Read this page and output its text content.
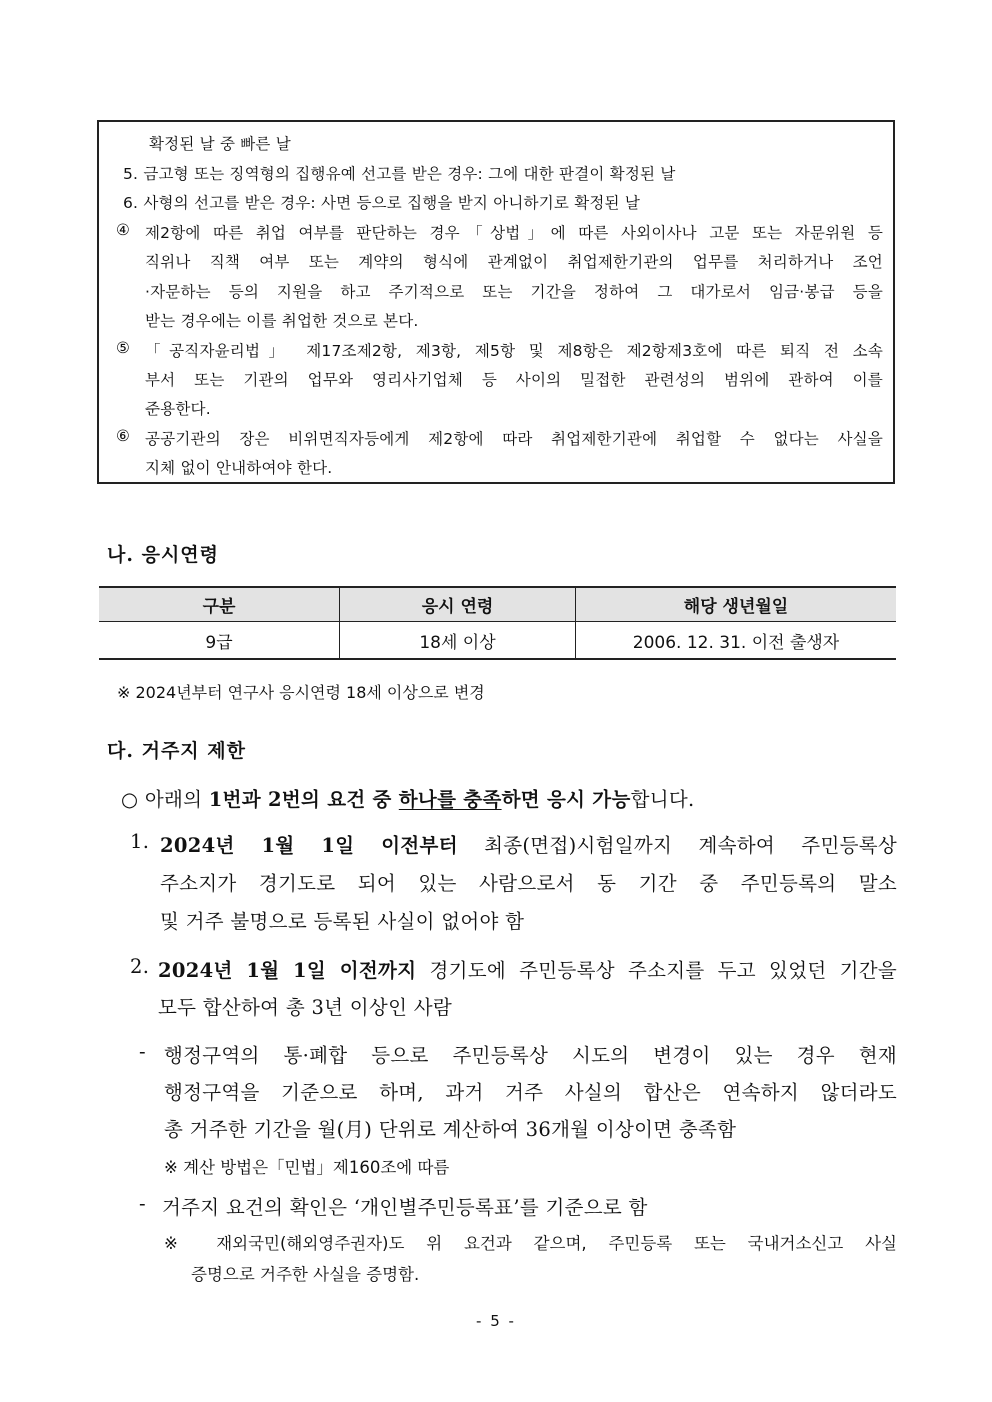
확정된 날 중 빠른 날
5. 금고형 또는 징역형의 집행유예 선고를 받은 경우: 그에 대한 판결이 확정된 날
6. 사형의 선고를 받은 경우: 사면 등으로 집행을 받지 아니하기로 확정된 날
④ 제2항에 따른 취업 여부를 판단하는 경우「상법」에 따른 사외이사나 고문 또는 자문위원 등
직위나 직책 여부 또는 계약의 형식에 관계없이 취업제한기관의 업무를 처리하거나 조언
·자문하는 등의 지원을 하고 주기적으로 또는 기간을 정하여 그 대가로서 임금·봉급 등을
받는 경우에는 이를 취업한 것으로 본다.
⑤ 「공직자윤리법」 제17조제2항, 제3항, 제5항 및 제8항은 제2항제3호에 따른 퇴직 전 소속
부서 또는 기관의 업무와 영리사기업체 등 사이의 밀접한 관련성의 범위에 관하여 이를
준용한다.
⑥ 공공기관의 장은 비위면직자등에게 제2항에 따라 취업제한기관에 취업할 수 없다는 사실을
지체 없이 안내하여야 한다.
나. 응시연령
구분	응시 연령	해당 생년월일
9급	18세 이상	2006. 12. 31. 이전 출생자
※ 2024년부터 연구사 응시연령 18세 이상으로 변경
다. 거주지 제한
○ 아래의 1번과 2번의 요건 중 하나를 충족하면 응시 가능합니다.
1. 2024년 1월 1일 이전부터 최종(면접)시험일까지 계속하여 주민등록상
주소지가 경기도로 되어 있는 사람으로서 동 기간 중 주민등록의 말소
및 거주 불명으로 등록된 사실이 없어야 함
2. 2024년 1월 1일 이전까지 경기도에 주민등록상 주소지를 두고 있었던 기간을
모두 합산하여 총 3년 이상인 사람
- 행정구역의 통·폐합 등으로 주민등록상 시도의 변경이 있는 경우 현재
행정구역을 기준으로 하며, 과거 거주 사실의 합산은 연속하지 않더라도
총 거주한 기간을 월(月) 단위로 계산하여 36개월 이상이면 충족함
※ 계산 방법은「민법」제160조에 따름
- 거주지 요건의 확인은 ‘개인별주민등록표’를 기준으로 함
※ 재외국민(해외영주권자)도 위 요건과 같으며, 주민등록 또는 국내거소신고 사실
증명으로 거주한 사실을 증명함.
- 5 -
